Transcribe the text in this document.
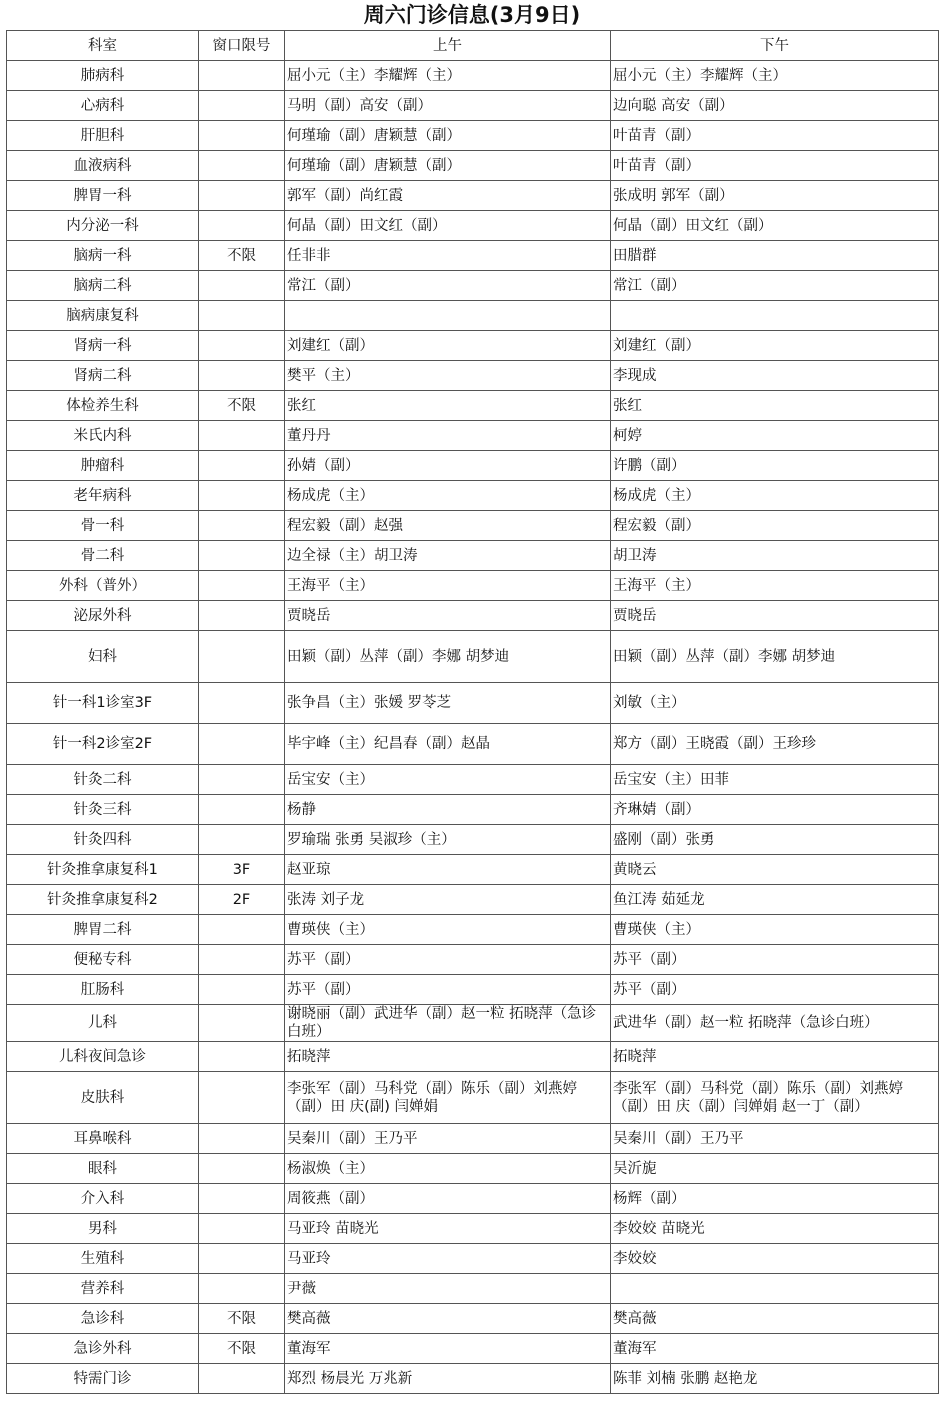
周六门诊信息(3月9日)
科室	窗口限号	上午	下午
肺病科		屈小元（主）李耀辉（主）	屈小元（主）李耀辉（主）
心病科		马明（副）高安（副）	边向聪 高安（副）
肝胆科		何瑾瑜（副）唐颖慧（副）	叶苗青（副）
血液病科		何瑾瑜（副）唐颖慧（副）	叶苗青（副）
脾胃一科		郭军（副）尚红霞	张成明 郭军（副）
内分泌一科		何晶（副）田文红（副）	何晶（副）田文红（副）
脑病一科	不限	任非非	田腊群
脑病二科		常江（副）	常江（副）
脑病康复科			
肾病一科		刘建红（副）	刘建红（副）
肾病二科		樊平（主）	李现成
体检养生科	不限	张红	张红
米氏内科		董丹丹	柯婷
肿瘤科		孙婧（副）	许鹏（副）
老年病科		杨成虎（主）	杨成虎（主）
骨一科		程宏毅（副）赵强	程宏毅（副）
骨二科		边全禄（主）胡卫涛	胡卫涛
外科（普外）		王海平（主）	王海平（主）
泌尿外科		贾晓岳	贾晓岳
妇科		田颖（副）丛萍（副）李娜 胡梦迪	田颖（副）丛萍（副）李娜 胡梦迪
针一科1诊室3F		张争昌（主）张媛 罗苓芝	刘敏（主）
针一科2诊室2F		毕宇峰（主）纪昌春（副）赵晶	郑方（副）王晓霞（副）王珍珍
针灸二科		岳宝安（主）	岳宝安（主）田菲
针灸三科		杨静	齐琳婧（副）
针灸四科		罗瑜瑞 张勇 吴淑珍（主）	盛刚（副）张勇
针灸推拿康复科1	3F	赵亚琼	黄晓云
针灸推拿康复科2	2F	张涛 刘子龙	鱼江涛 茹延龙
脾胃二科		曹瑛侠（主）	曹瑛侠（主）
便秘专科		苏平（副）	苏平（副）
肛肠科		苏平（副）	苏平（副）
儿科		谢晓丽（副）武进华（副）赵一粒 拓晓萍（急诊白班）	武进华（副）赵一粒 拓晓萍（急诊白班）
儿科夜间急诊		拓晓萍	拓晓萍
皮肤科		李张军（副）马科党（副）陈乐（副）刘燕婷（副）田 庆(副) 闫婵娟	李张军（副）马科党（副）陈乐（副）刘燕婷（副）田 庆（副）闫婵娟 赵一丁（副）
耳鼻喉科		吴秦川（副）王乃平	吴秦川（副）王乃平
眼科		杨淑焕（主）	吴沂旎
介入科		周筱燕（副）	杨辉（副）
男科		马亚玲 苗晓光	李姣姣 苗晓光
生殖科		马亚玲	李姣姣
营养科		尹薇	
急诊科	不限	樊高薇	樊高薇
急诊外科	不限	董海军	董海军
特需门诊		郑烈 杨晨光 万兆新	陈菲 刘楠 张鹏 赵艳龙
